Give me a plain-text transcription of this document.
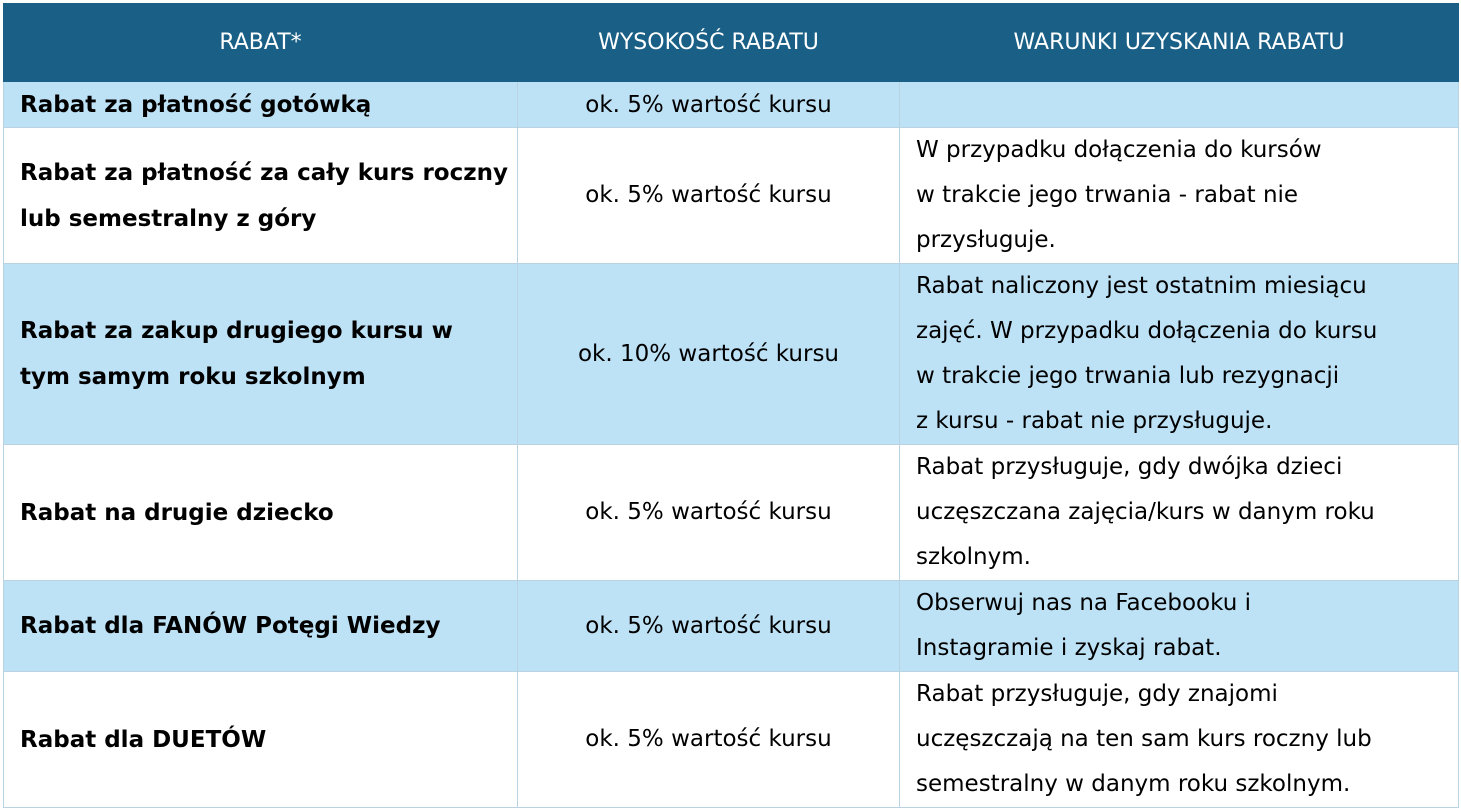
RABAT*	WYSOKOŚĆ RABATU	WARUNKI UZYSKANIA RABATU

Rabat za płatność gotówką	ok. 5% wartość kursu	

Rabat za płatność za cały kurs roczny
lub semestralny z góry	ok. 5% wartość kursu	W przypadku dołączenia do kursów
w trakcie jego trwania - rabat nie
przysługuje.

Rabat za zakup drugiego kursu w
tym samym roku szkolnym	ok. 10% wartość kursu	Rabat naliczony jest ostatnim miesiącu
zajęć. W przypadku dołączenia do kursu
w trakcie jego trwania lub rezygnacji
z kursu - rabat nie przysługuje.

Rabat na drugie dziecko	ok. 5% wartość kursu	Rabat przysługuje, gdy dwójka dzieci
uczęszczana zajęcia/kurs w danym roku
szkolnym.

Rabat dla FANÓW Potęgi Wiedzy	ok. 5% wartość kursu	Obserwuj nas na Facebooku i
Instagramie i zyskaj rabat.

Rabat dla DUETÓW	ok. 5% wartość kursu	Rabat przysługuje, gdy znajomi
uczęszczają na ten sam kurs roczny lub
semestralny w danym roku szkolnym.
